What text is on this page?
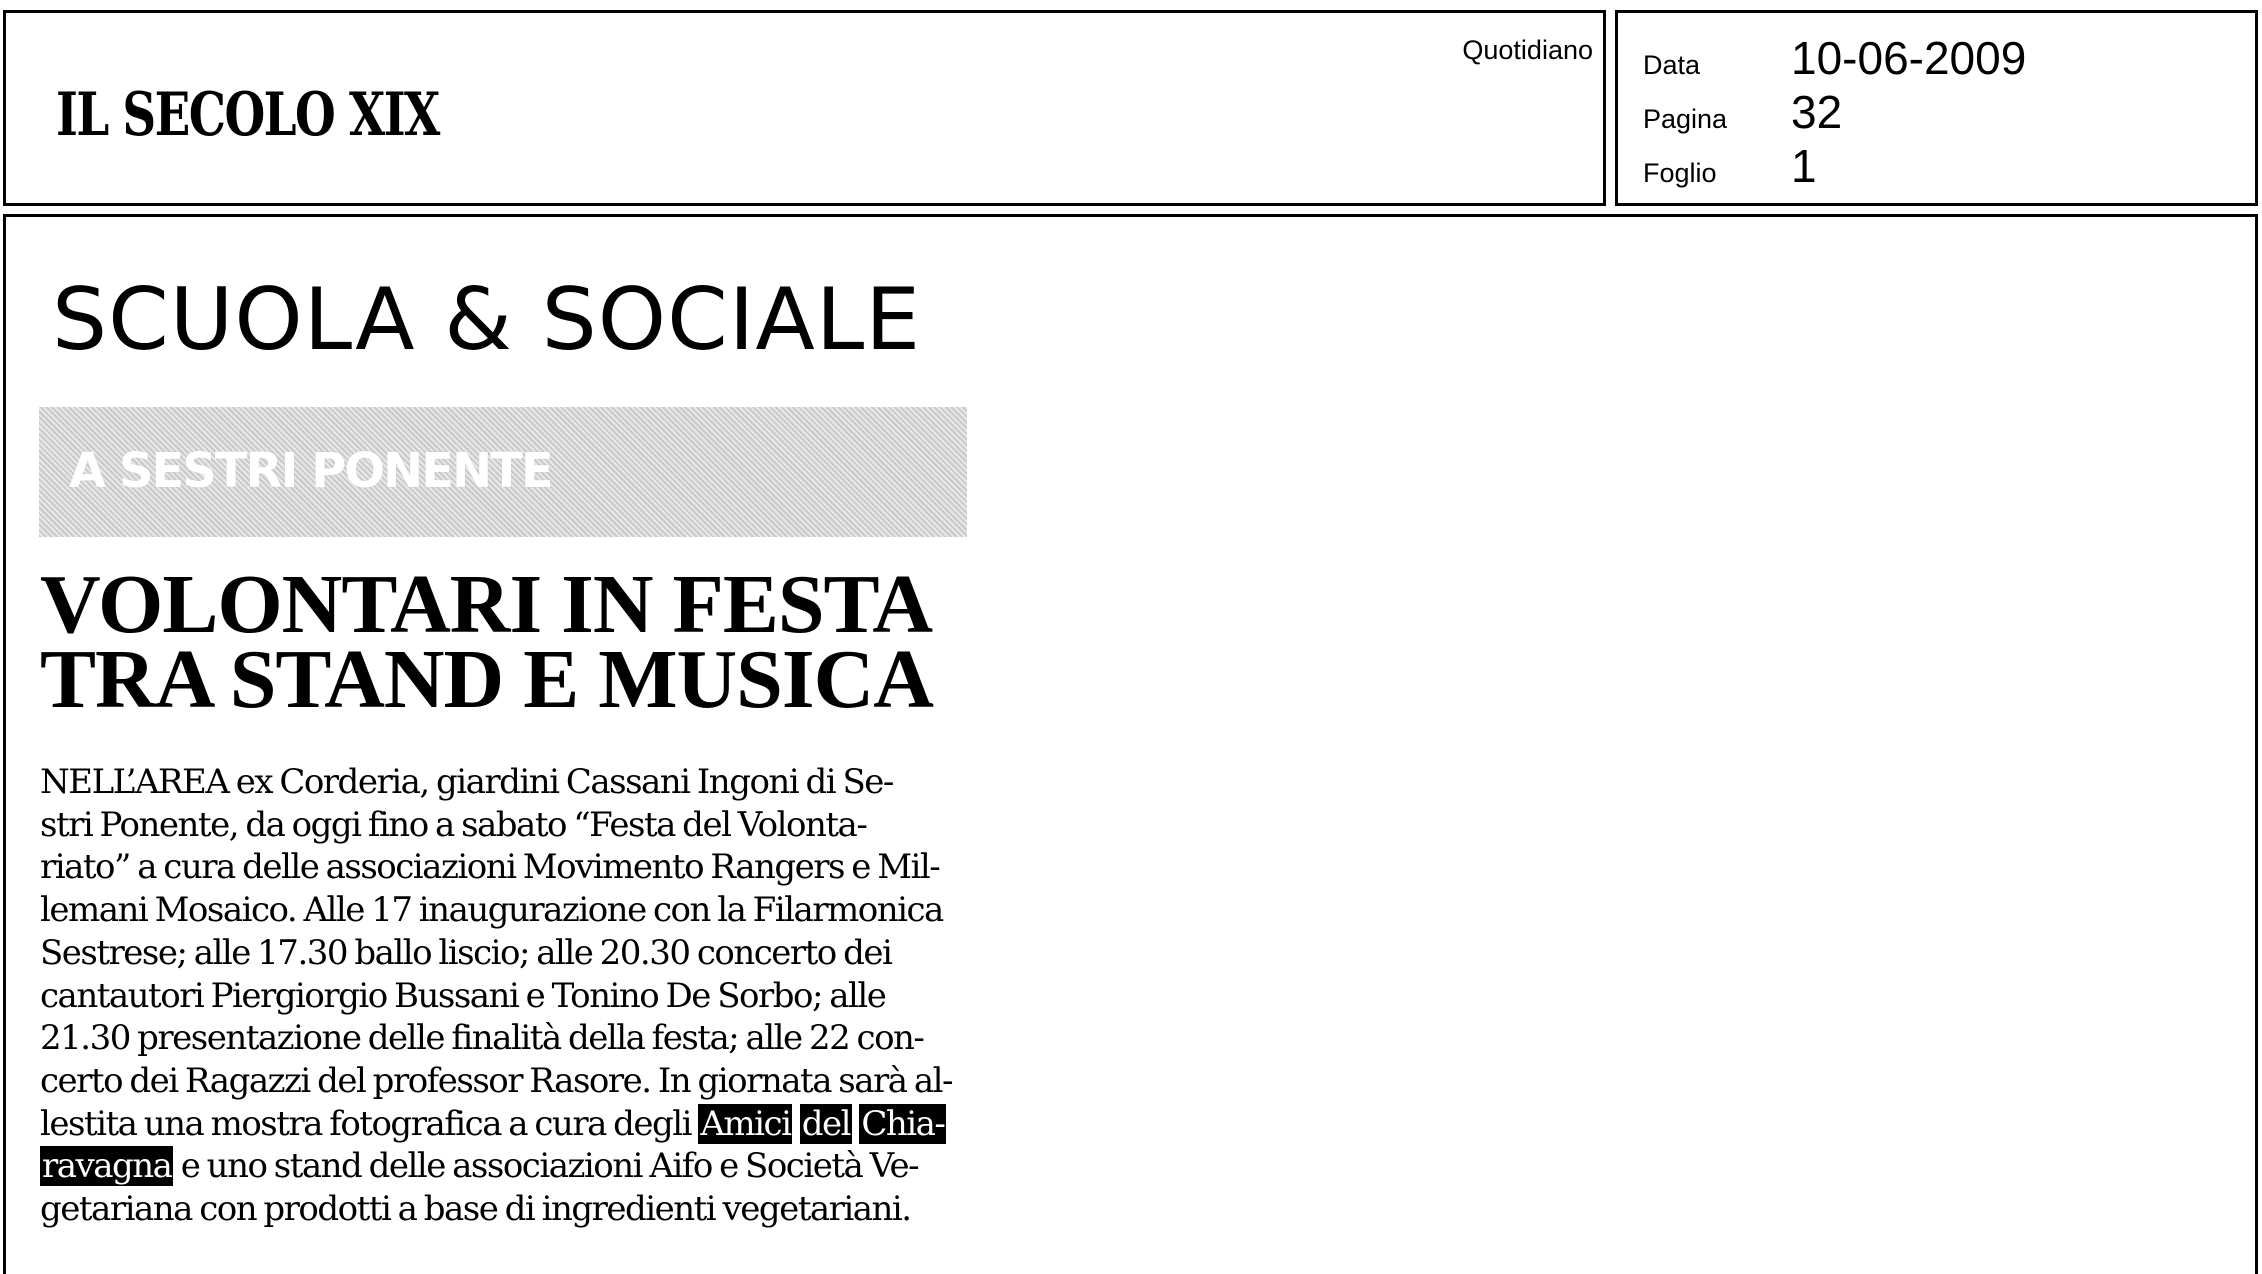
IL SECOLO XIX
Quotidiano Data	10-06-2009
Pagina	32
Foglio	1
SCUOLA & SOCIALE
A SESTRI PONENTE
VOLONTARI IN FESTA
TRA STAND E MUSICA

NELL’AREA ex Corderia, giardini Cassani Ingoni di Se-
stri Ponente, da oggi fino a sabato “Festa del Volonta-
riato” a cura delle associazioni Movimento Rangers e Mil-
lemani Mosaico. Alle 17 inaugurazione con la Filarmonica
Sestrese; alle 17.30 ballo liscio; alle 20.30 concerto dei
cantautori Piergiorgio Bussani e Tonino De Sorbo; alle
21.30 presentazione delle finalità della festa; alle 22 con-
certo dei Ragazzi del professor Rasore. In giornata sarà al-
lestita una mostra fotografica a cura degli Amici del Chia-
ravagna e uno stand delle associazioni Aifo e Società Ve-
getariana con prodotti a base di ingredienti vegetariani.
